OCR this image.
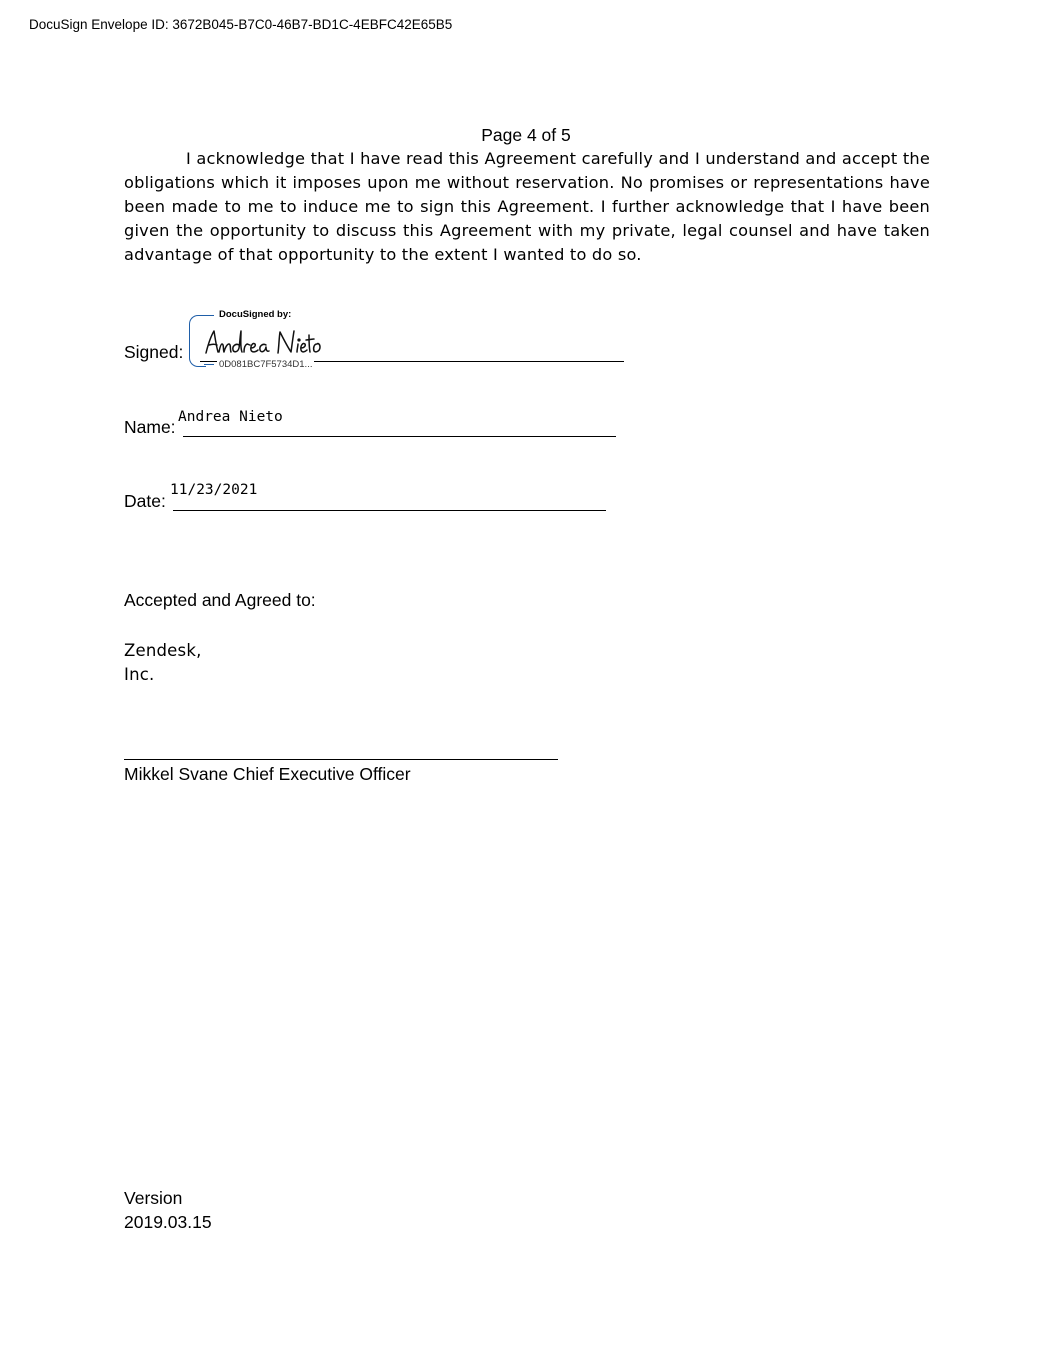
DocuSign Envelope ID: 3672B045-B7C0-46B7-BD1C-4EBFC42E65B5
Page 4 of 5

I acknowledge that I have read this Agreement carefully and I understand and accept the obligations which it imposes upon me without reservation. No promises or representations have been made to me to induce me to sign this Agreement. I further acknowledge that I have been given the opportunity to discuss this Agreement with my private, legal counsel and have taken advantage of that opportunity to the extent I wanted to do so.

Signed:
DocuSigned by:
0D081BC7F5734D1...
Name: Andrea Nieto
Date:
11/23/2021
Accepted and Agreed to:
Zendesk,
Inc.
Mikkel Svane Chief Executive Officer
Version
2019.03.15
